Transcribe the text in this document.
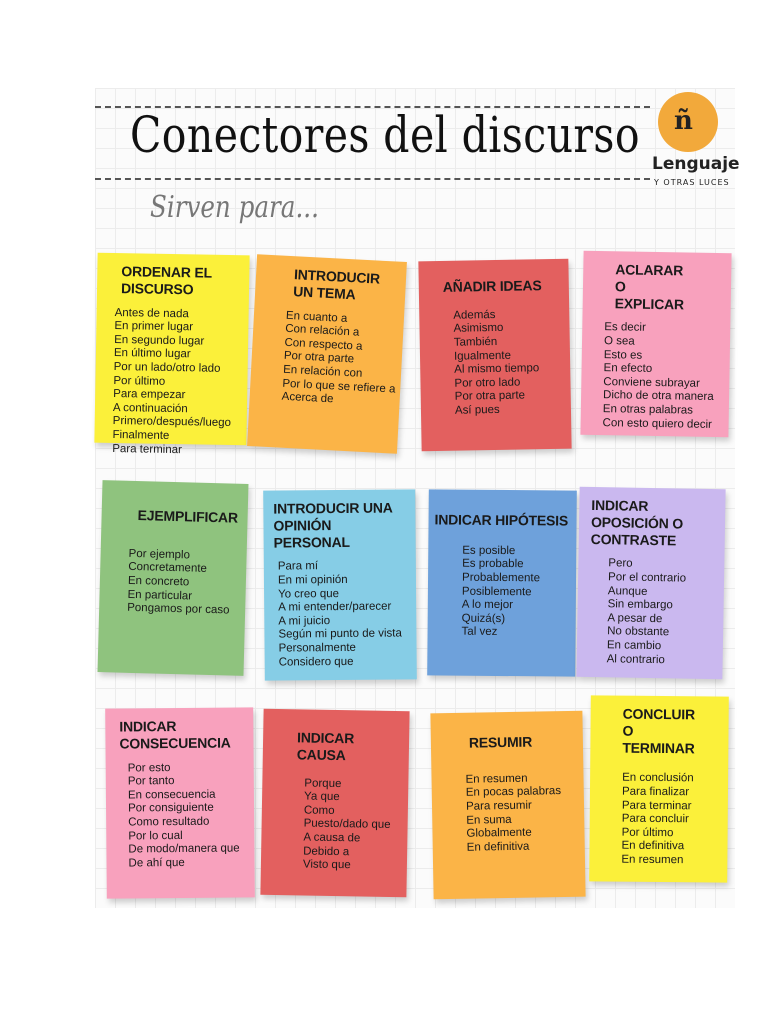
Conectores del discurso
Sirven para...
ñ
Lenguaje
Y OTRAS LUCES
ORDENAR EL DISCURSO
Antes de nada
En primer lugar
En segundo lugar
En último lugar
Por un lado/otro lado
Por último
Para empezar
A continuación
Primero/después/luego
Finalmente
Para terminar
INTRODUCIR UN TEMA
En cuanto a
Con relación a
Con respecto a
Por otra parte
En relación con
Por lo que se refiere a
Acerca de
AÑADIR IDEAS
Además
Asimismo
También
Igualmente
Al mismo tiempo
Por otro lado
Por otra parte
Así pues
ACLARAR O EXPLICAR
Es decir
O sea
Esto es
En efecto
Conviene subrayar
Dicho de otra manera
En otras palabras
Con esto quiero decir
EJEMPLIFICAR
Por ejemplo
Concretamente
En concreto
En particular
Pongamos por caso
INTRODUCIR UNA OPINIÓN PERSONAL
Para mí
En mi opinión
Yo creo que
A mi entender/parecer
A mi juicio
Según mi punto de vista
Personalmente
Considero que
INDICAR HIPÓTESIS
Es posible
Es probable
Probablemente
Posiblemente
A lo mejor
Quizá(s)
Tal vez
INDICAR OPOSICIÓN O CONTRASTE
Pero
Por el contrario
Aunque
Sin embargo
A pesar de
No obstante
En cambio
Al contrario
INDICAR CONSECUENCIA
Por esto
Por tanto
En consecuencia
Por consiguiente
Como resultado
Por lo cual
De modo/manera que
De ahí que
INDICAR CAUSA
Porque
Ya que
Como
Puesto/dado que
A causa de
Debido a
Visto que
RESUMIR
En resumen
En pocas palabras
Para resumir
En suma
Globalmente
En definitiva
CONCLUIR O TERMINAR
En conclusión
Para finalizar
Para terminar
Para concluir
Por último
En definitiva
En resumen
